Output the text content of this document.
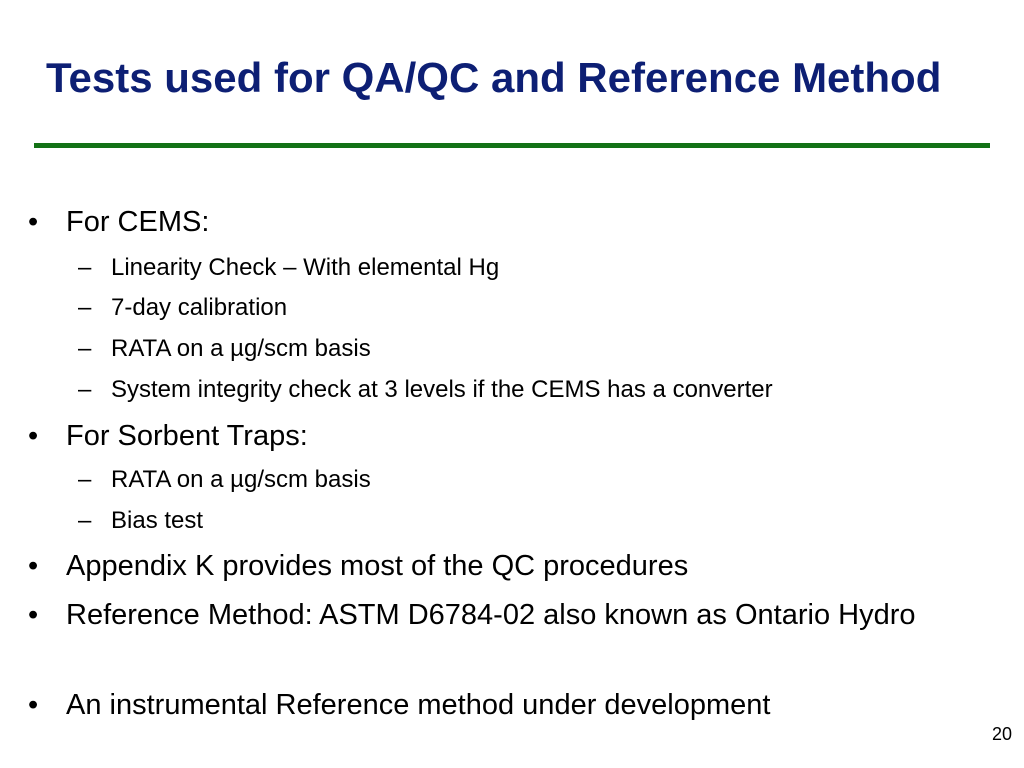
Tests used for QA/QC and Reference Method
• For CEMS:
– Linearity Check – With elemental Hg
– 7-day calibration
– RATA on a µg/scm basis
– System integrity check at 3 levels if the CEMS has a converter
• For Sorbent Traps:
– RATA on a µg/scm basis
– Bias test
• Appendix K provides most of the QC procedures
• Reference Method: ASTM D6784-02 also known as Ontario Hydro
• An instrumental Reference method under development
20
